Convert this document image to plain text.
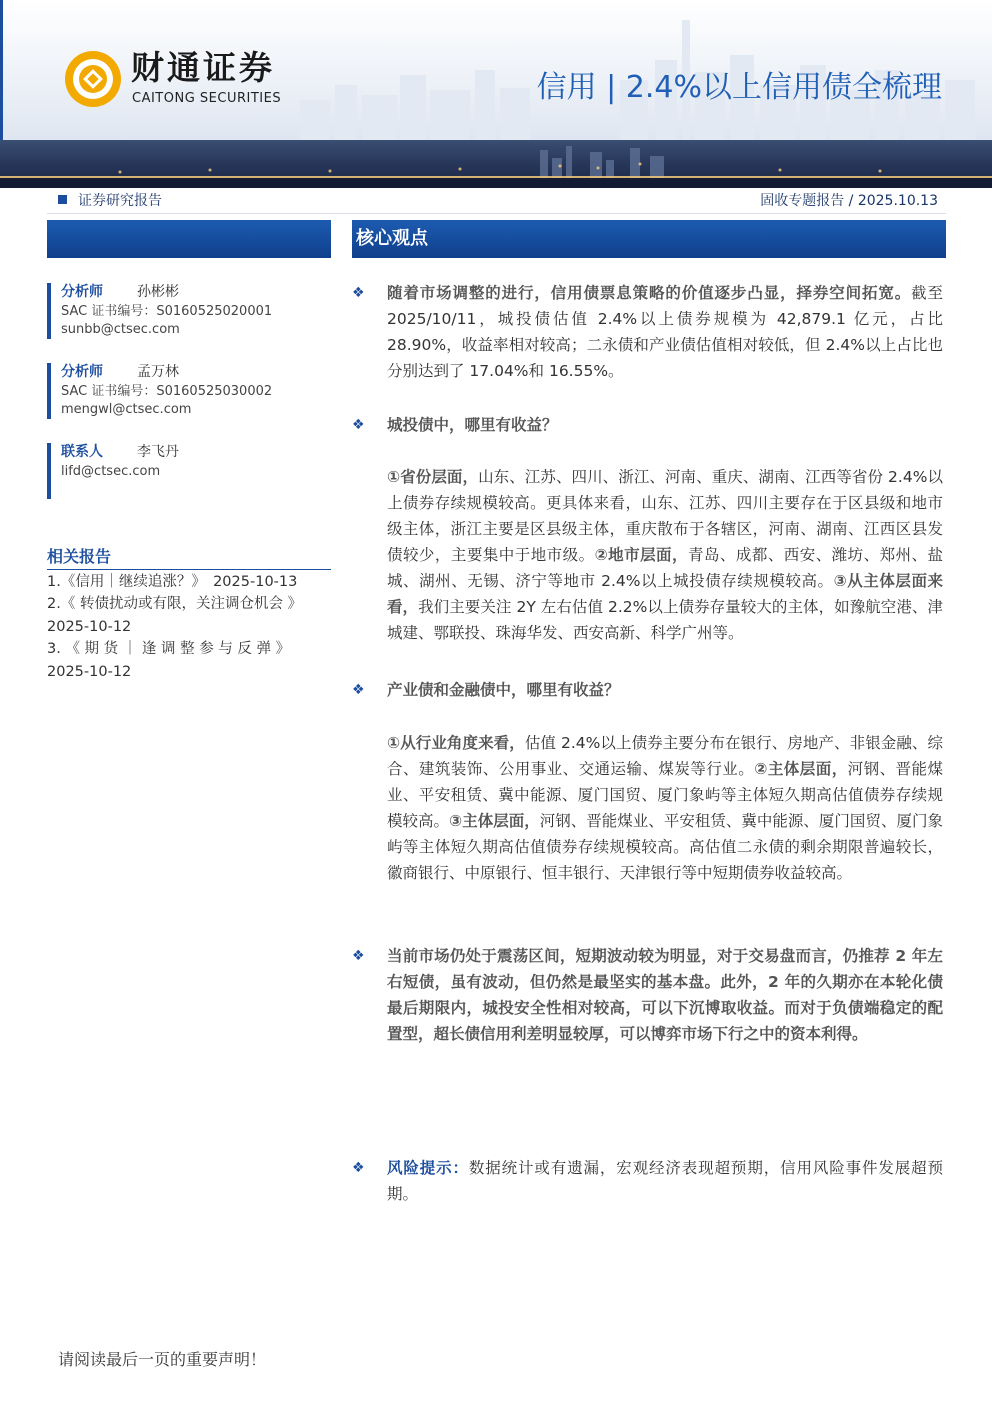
财通证券
CAITONG SECURITIES	信用 | 2.4%以上信用债全梳理
证券研究报告	固收专题报告 / 2025.10.13
核心观点
分析师 孙彬彬
SAC 证书编号：S0160525020001
sunbb@ctsec.com
分析师 孟万林
SAC 证书编号：S0160525030002
mengwl@ctsec.com
联系人 李飞丹
lifd@ctsec.com
相关报告
1.《信用｜继续追涨？》　2025-10-13
2.《 转债扰动或有限，关注调仓机会 》
2025-10-12
3. 《 期 货 ｜ 逢 调 整 参 与 反 弹 》
2025-10-12
❖ 随着市场调整的进行，信用债票息策略的价值逐步凸显，择券空间拓宽。截至 2025/10/11，城投债估值 2.4%以上债券规模为 42,879.1 亿元，占比28.90%，收益率相对较高；二永债和产业债估值相对较低，但 2.4%以上占比也分别达到了 17.04%和 16.55%。
❖ 城投债中，哪里有收益？
①省份层面，山东、江苏、四川、浙江、河南、重庆、湖南、江西等省份 2.4%以上债券存续规模较高。更具体来看，山东、江苏、四川主要存在于区县级和地市级主体，浙江主要是区县级主体，重庆散布于各辖区，河南、湖南、江西区县发债较少，主要集中于地市级。②地市层面，青岛、成都、西安、潍坊、郑州、盐城、湖州、无锡、济宁等地市 2.4%以上城投债存续规模较高。③从主体层面来看，我们主要关注 2Y 左右估值 2.2%以上债券存量较大的主体，如豫航空港、津城建、鄂联投、珠海华发、西安高新、科学广州等。
❖ 产业债和金融债中，哪里有收益？
①从行业角度来看，估值 2.4%以上债券主要分布在银行、房地产、非银金融、综合、建筑装饰、公用事业、交通运输、煤炭等行业。②主体层面，河钢、晋能煤业、平安租赁、冀中能源、厦门国贸、厦门象屿等主体短久期高估值债券存续规模较高。③主体层面，河钢、晋能煤业、平安租赁、冀中能源、厦门国贸、厦门象屿等主体短久期高估值债券存续规模较高。高估值二永债的剩余期限普遍较长，徽商银行、中原银行、恒丰银行、天津银行等中短期债券收益较高。
❖ 当前市场仍处于震荡区间，短期波动较为明显，对于交易盘而言，仍推荐 2 年左右短债，虽有波动，但仍然是最坚实的基本盘。此外，2 年的久期亦在本轮化债最后期限内，城投安全性相对较高，可以下沉博取收益。而对于负债端稳定的配置型，超长债信用利差明显较厚，可以博弈市场下行之中的资本利得。
❖ 风险提示：数据统计或有遗漏，宏观经济表现超预期，信用风险事件发展超预期。
请阅读最后一页的重要声明！
